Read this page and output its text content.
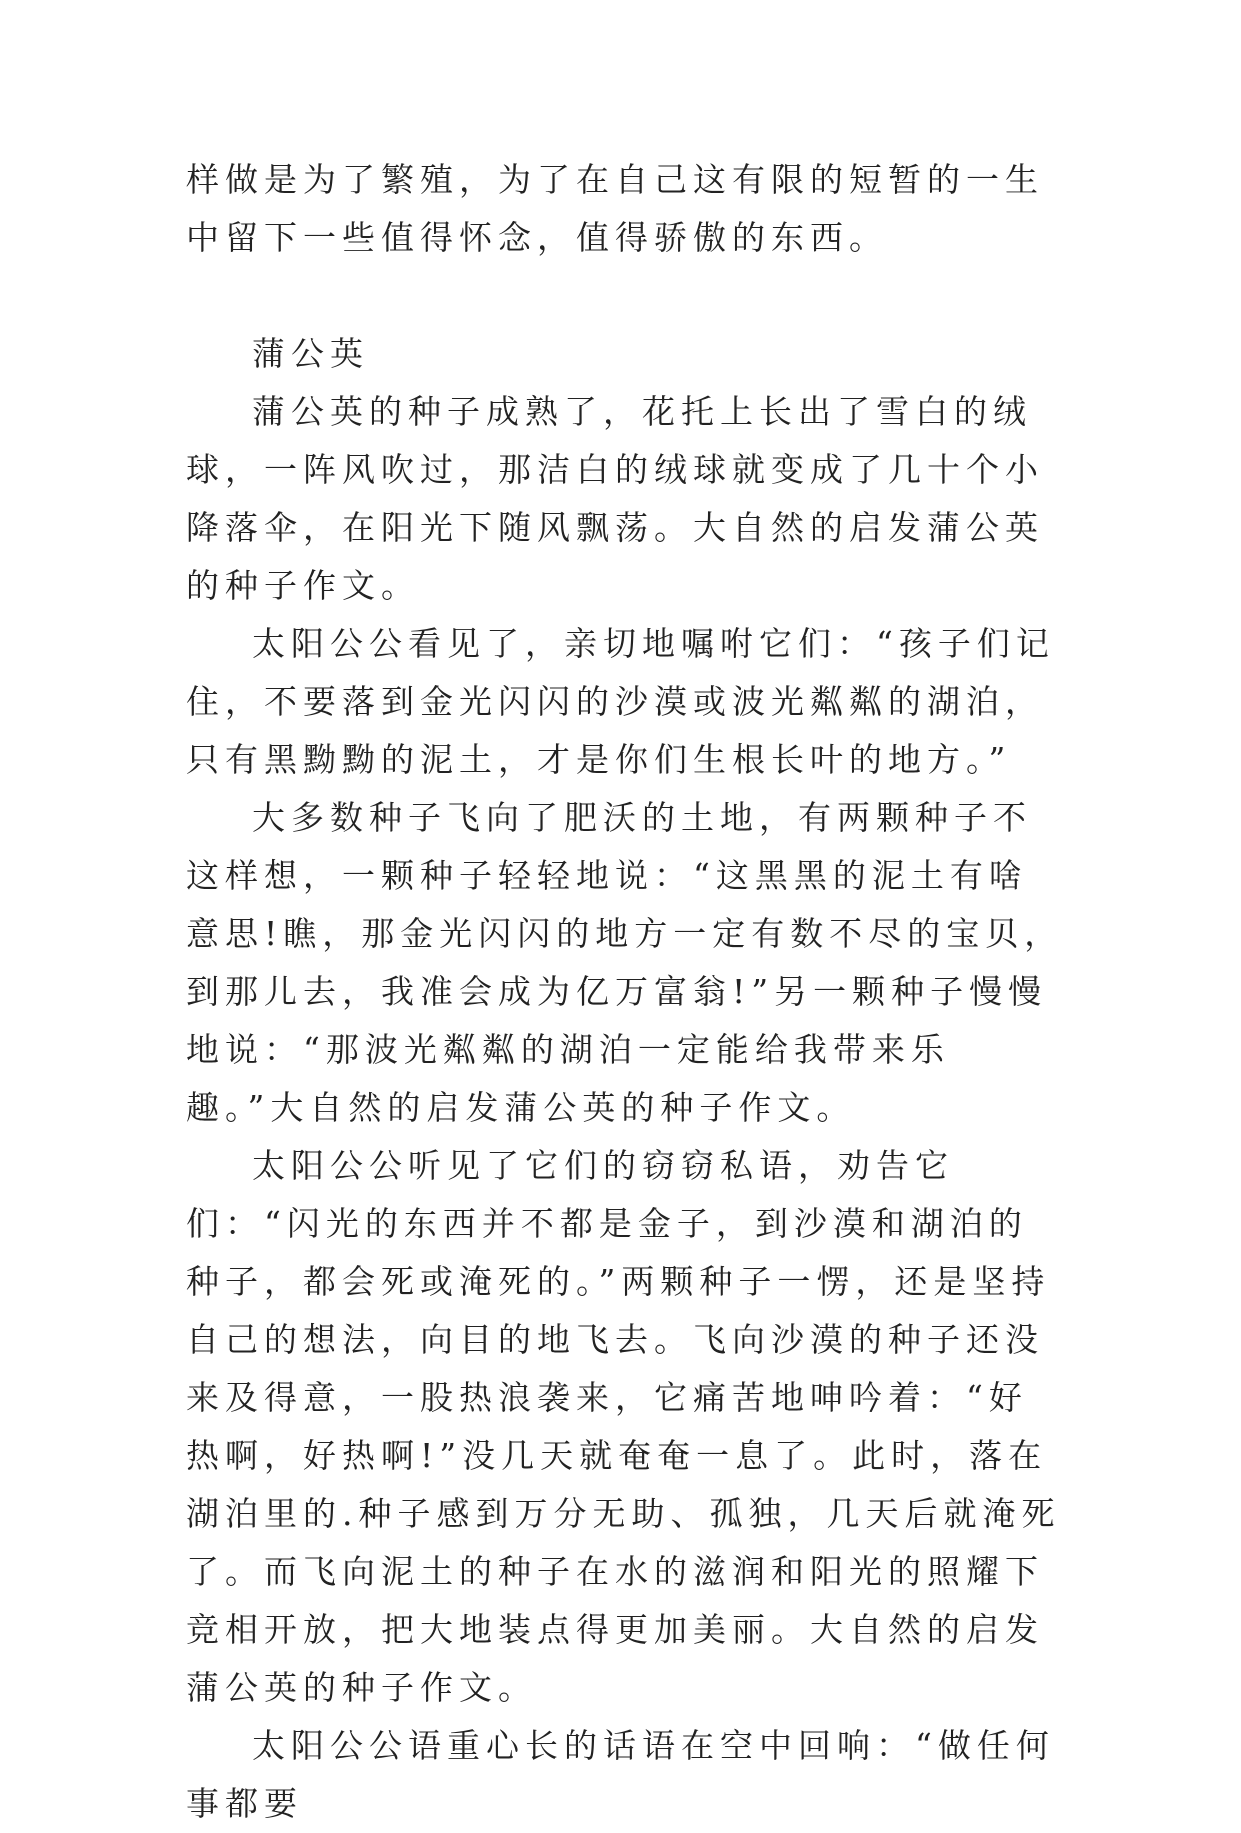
样做是为了繁殖，为了在自己这有限的短暂的一生中留下一些值得怀念，值得骄傲的东西。

蒲公英

蒲公英的种子成熟了，花托上长出了雪白的绒球，一阵风吹过，那洁白的绒球就变成了几十个小降落伞，在阳光下随风飘荡。大自然的启发蒲公英的种子作文。

太阳公公看见了，亲切地嘱咐它们：“孩子们记住，不要落到金光闪闪的沙漠或波光粼粼的湖泊，只有黑黝黝的泥土，才是你们生根长叶的地方。”

大多数种子飞向了肥沃的土地，有两颗种子不这样想，一颗种子轻轻地说：“这黑黑的泥土有啥意思!瞧，那金光闪闪的地方一定有数不尽的宝贝，到那儿去，我准会成为亿万富翁!”另一颗种子慢慢地说：“那波光粼粼的湖泊一定能给我带来乐趣。”大自然的启发蒲公英的种子作文。

太阳公公听见了它们的窃窃私语，劝告它们：“闪光的东西并不都是金子，到沙漠和湖泊的种子，都会死或淹死的。”两颗种子一愣，还是坚持自己的想法，向目的地飞去。飞向沙漠的种子还没来及得意，一股热浪袭来，它痛苦地呻吟着：“好热啊，好热啊!”没几天就奄奄一息了。此时，落在湖泊里的.种子感到万分无助、孤独，几天后就淹死了。而飞向泥土的种子在水的滋润和阳光的照耀下竞相开放，把大地装点得更加美丽。大自然的启发蒲公英的种子作文。

太阳公公语重心长的话语在空中回响：“做任何事都要
